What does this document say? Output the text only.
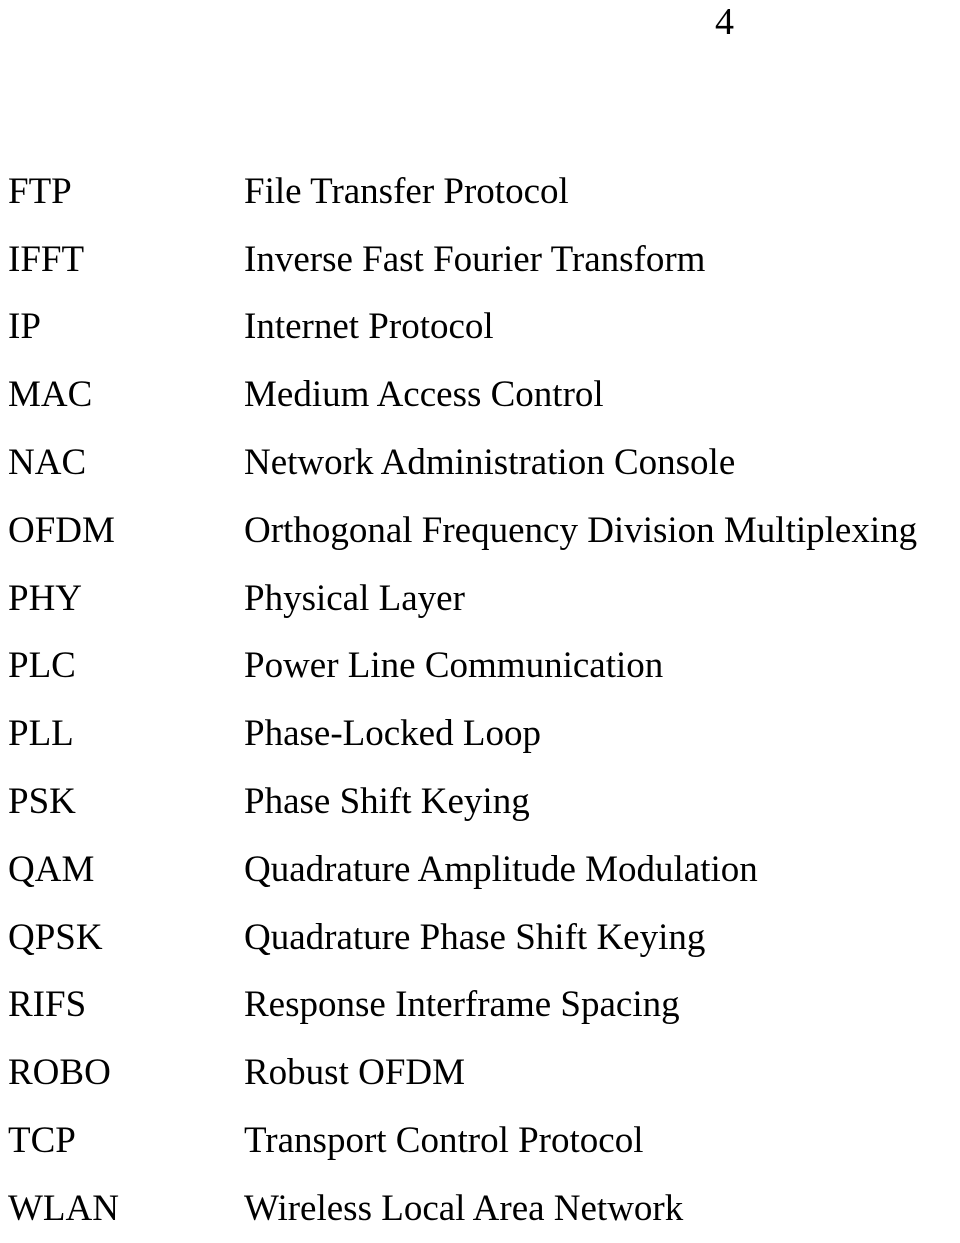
4
FTP	File Transfer Protocol
IFFT	Inverse Fast Fourier Transform
IP	Internet Protocol
MAC	Medium Access Control
NAC	Network Administration Console
OFDM	Orthogonal Frequency Division Multiplexing
PHY	Physical Layer
PLC	Power Line Communication
PLL	Phase-Locked Loop
PSK	Phase Shift Keying
QAM	Quadrature Amplitude Modulation
QPSK	Quadrature Phase Shift Keying
RIFS	Response Interframe Spacing
ROBO	Robust OFDM
TCP	Transport Control Protocol
WLAN	Wireless Local Area Network
